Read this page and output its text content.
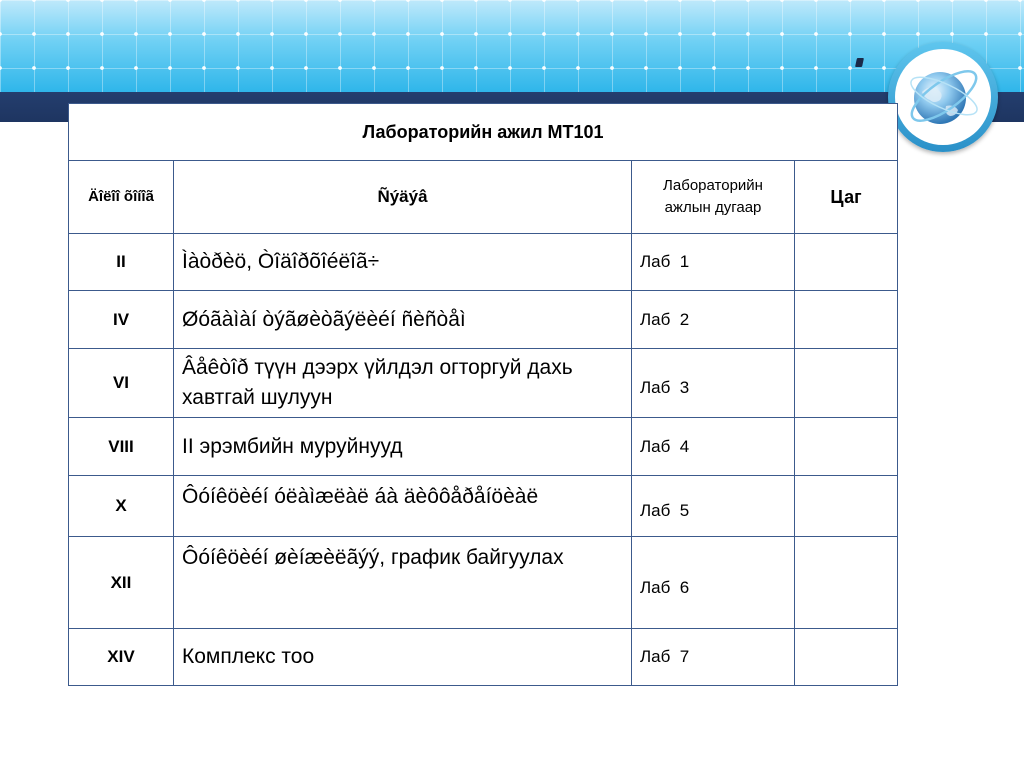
Лабораторийн ажил МТ101			
Äîëîî õîíîã	Ñýäýâ	Лабораторийн ажлын дугаар	Цаг
II	Ìàòðèö, Òîäîðõîéëîã÷	Лаб  1	
IV	Øóãàìàí òýãøèòãýëèéí ñèñòåì	Лаб  2	
VI	Âåêòîð түүн дээрх үйлдэл огторгуй дахь хавтгай шулуун	Лаб  3	
VIII	II эрэмбийн муруйнууд	Лаб  4	
X	Ôóíêöèéí óëàìæëàë áà äèôôåðåíöèàë	Лаб  5	
XII	Ôóíêöèéí øèíæèëãýý, график байгуулах	Лаб  6	
XIV	Комплекс тоо	Лаб  7	
